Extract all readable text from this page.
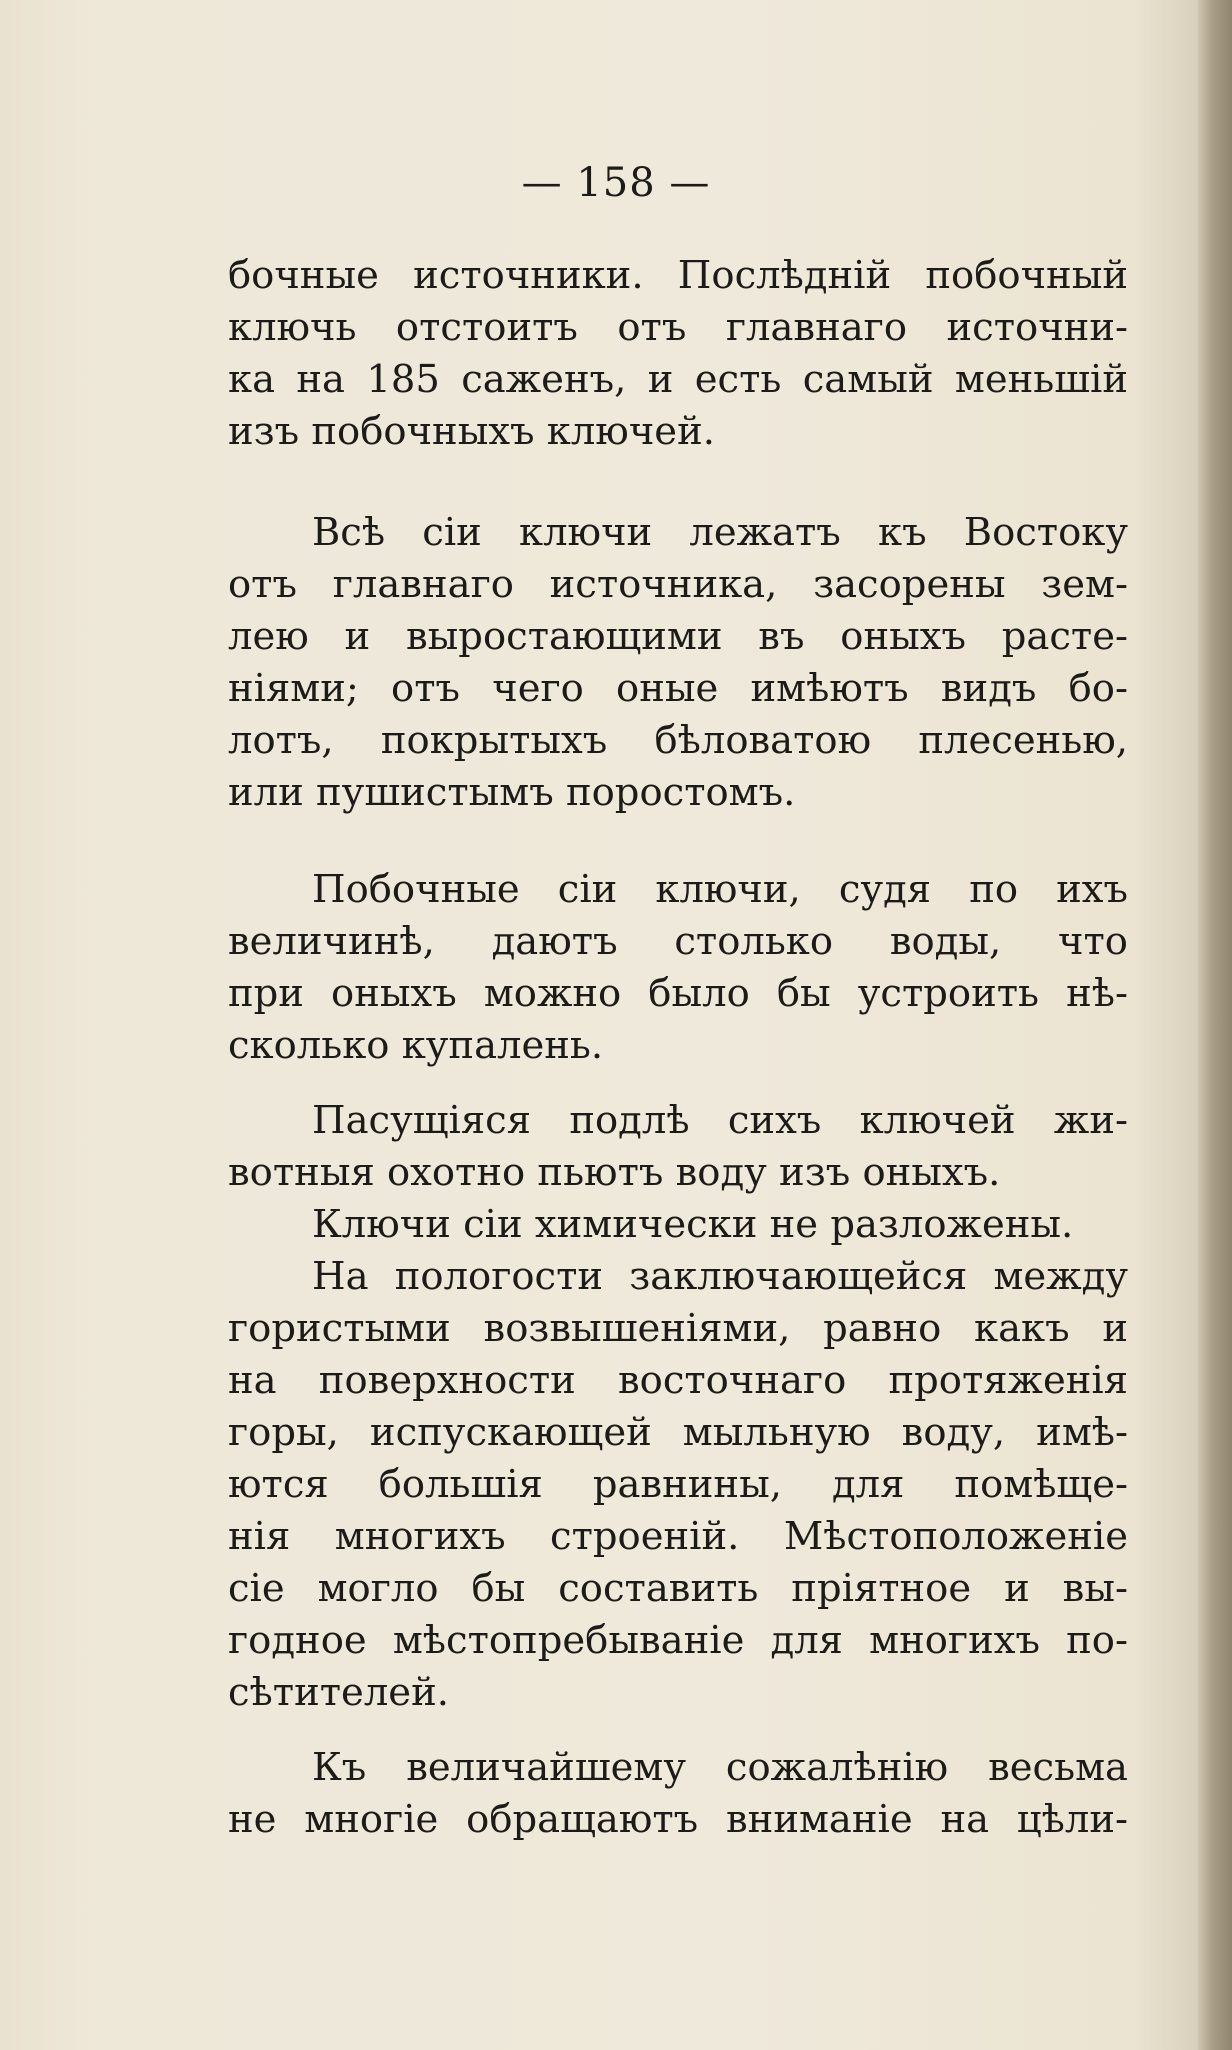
— 158 —
бочные источники. Послѣднiй побочный
ключь отстоитъ отъ главнаго источни-
ка на 185 саженъ, и есть самый меньшiй
изъ побочныхъ ключей.
Всѣ сiи ключи лежатъ къ Востоку
отъ главнаго источника, засорены зем-
лею и выростающими въ оныхъ расте-
нiями; отъ чего оные имѣютъ видъ бо-
лотъ, покрытыхъ бѣловатою плесенью,
или пушистымъ поростомъ.
Побочные сiи ключи, судя по ихъ
величинѣ, даютъ столько воды, что
при оныхъ можно было бы устроить нѣ-
сколько купалень.
Пасущiяся подлѣ сихъ ключей жи-
вотныя охотно пьютъ воду изъ оныхъ.
Ключи сiи химически не разложены.
На пологости заключающейся между
гористыми возвышенiями, равно какъ и
на поверхности восточнаго протяженiя
горы, испускающей мыльную воду, имѣ-
ются большiя равнины, для помѣще-
нiя многихъ строенiй. Мѣстоположенiе
сiе могло бы составить прiятное и вы-
годное мѣстопребыванiе для многихъ по-
сѣтителей.
Къ величайшему сожалѣнiю весьма
не многiе обращаютъ вниманiе на цѣли-
